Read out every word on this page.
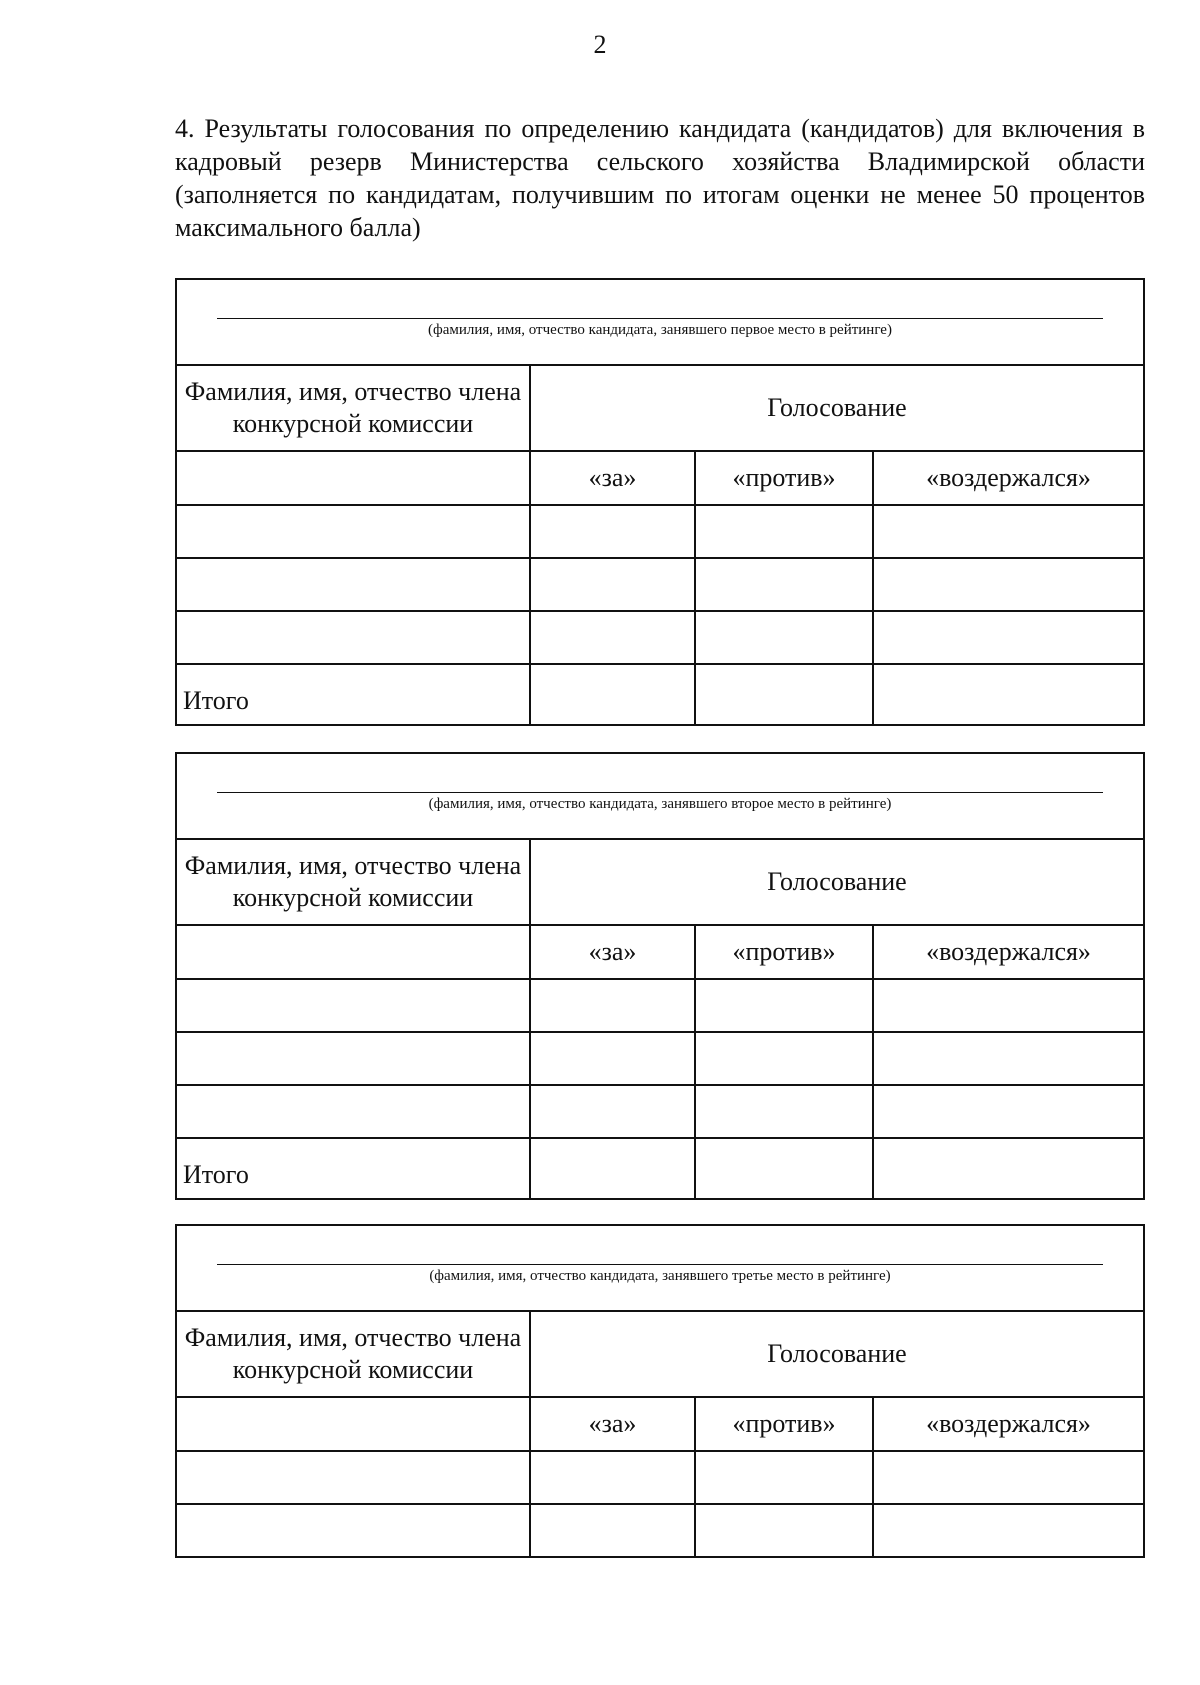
2

4. Результаты голосования по определению кандидата (кандидатов) для включения в кадровый резерв Министерства сельского хозяйства Владимирской области (заполняется по кандидатам, получившим по итогам оценки не менее 50 процентов максимального балла)

(фамилия, имя, отчество кандидата, занявшего первое место в рейтинге)
Фамилия, имя, отчество члена конкурсной комиссии	Голосование		
	«за»	«против»	«воздержался»

Итого			
(фамилия, имя, отчество кандидата, занявшего второе место в рейтинге)
Фамилия, имя, отчество члена конкурсной комиссии	Голосование		
	«за»	«против»	«воздержался»

Итого			
(фамилия, имя, отчество кандидата, занявшего третье место в рейтинге)
Фамилия, имя, отчество члена конкурсной комиссии	Голосование		
	«за»	«против»	«воздержался»
